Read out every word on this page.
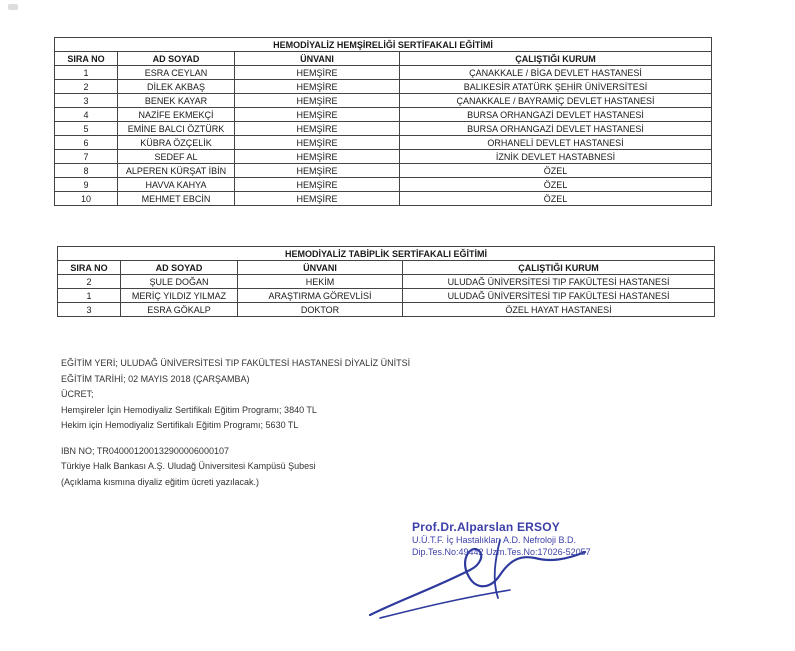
HEMODİYALİZ HEMŞİRELİĞİ SERTİFAKALI EĞİTİMİ			
SIRA NO	AD SOYAD	ÜNVANI	ÇALIŞTIĞI KURUM
1	ESRA CEYLAN	HEMŞİRE	ÇANAKKALE / BİGA DEVLET HASTANESİ
2	DİLEK AKBAŞ	HEMŞİRE	BALIKESİR ATATÜRK ŞEHİR ÜNİVERSİTESİ
3	BENEK KAYAR	HEMŞİRE	ÇANAKKALE / BAYRAMİÇ DEVLET HASTANESİ
4	NAZİFE EKMEKÇİ	HEMŞİRE	BURSA ORHANGAZİ DEVLET HASTANESİ
5	EMİNE BALCI ÖZTÜRK	HEMŞİRE	BURSA ORHANGAZİ DEVLET HASTANESİ
6	KÜBRA ÖZÇELİK	HEMŞİRE	ORHANELİ DEVLET HASTANESİ
7	SEDEF AL	HEMŞİRE	İZNİK DEVLET HASTABNESİ
8	ALPEREN KÜRŞAT İBİN	HEMŞİRE	ÖZEL
9	HAVVA KAHYA	HEMŞİRE	ÖZEL
10	MEHMET EBCİN	HEMŞİRE	ÖZEL
HEMODİYALİZ TABİPLİK SERTİFAKALI EĞİTİMİ			
SIRA NO	AD SOYAD	ÜNVANI	ÇALIŞTIĞI KURUM
2	ŞULE DOĞAN	HEKİM	ULUDAĞ ÜNİVERSİTESİ TIP FAKÜLTESİ HASTANESİ
1	MERİÇ YILDIZ YILMAZ	ARAŞTIRMA GÖREVLİSİ	ULUDAĞ ÜNİVERSİTESİ TIP FAKÜLTESİ HASTANESİ
3	ESRA GÖKALP	DOKTOR	ÖZEL HAYAT HASTANESİ
EĞİTİM YERİ; ULUDAĞ ÜNİVERSİTESİ TIP FAKÜLTESİ HASTANESİ DİYALİZ ÜNİTSİ
EĞİTİM TARİHİ; 02 MAYIS 2018 (ÇARŞAMBA)
ÜCRET;
Hemşireler İçin Hemodiyaliz Sertifikalı Eğitim Programı; 3840 TL
Hekim için Hemodiyaliz Sertifikalı Eğitim Programı; 5630 TL
IBN NO; TR040001200132900006000107
Türkiye Halk Bankası A.Ş. Uludağ Üniversitesi Kampüsü Şubesi
(Açıklama kısmına diyaliz eğitim ücreti yazılacak.)
Prof.Dr.Alparslan ERSOY
U.Ü.T.F. İç Hastalıkları A.D. Nefroloji B.D.
Dip.Tes.No:49442 Uzm.Tes.No:17026-52057
